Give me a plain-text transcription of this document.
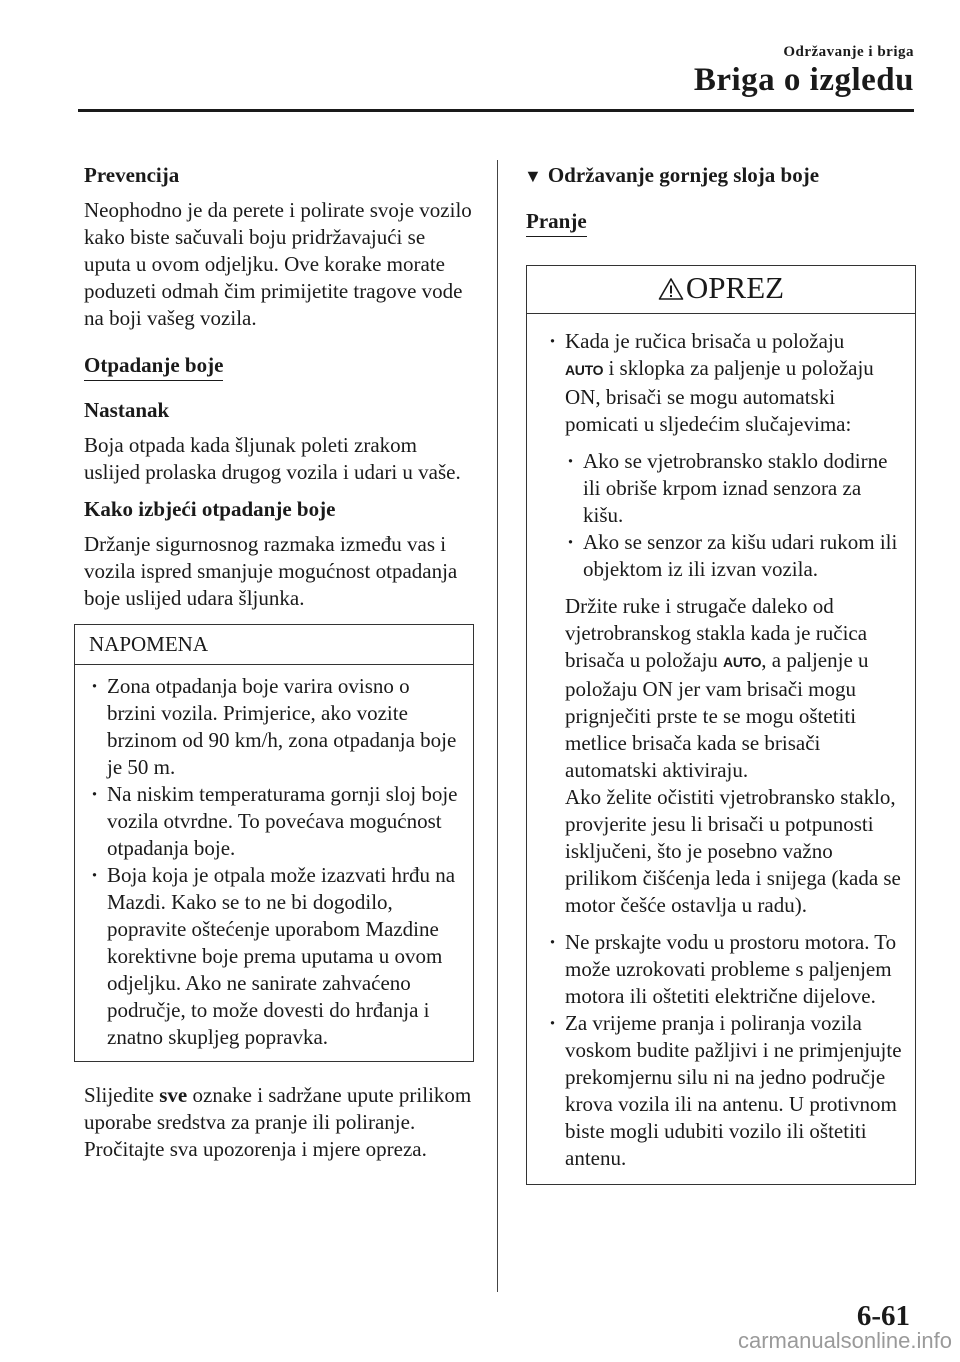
Održavanje i briga
Briga o izgledu

Prevencija

Neophodno je da perete i polirate svoje vozilo kako biste sačuvali boju pridržavajući se uputa u ovom odjeljku. Ove korake morate poduzeti odmah čim primijetite tragove vode na boji vašeg vozila.

Otpadanje boje

Nastanak

Boja otpada kada šljunak poleti zrakom uslijed prolaska drugog vozila i udari u vaše.

Kako izbjeći otpadanje boje

Držanje sigurnosnog razmaka između vas i vozila ispred smanjuje mogućnost otpadanja boje uslijed udara šljunka.

NAPOMENA
· Zona otpadanja boje varira ovisno o brzini vozila. Primjerice, ako vozite brzinom od 90 km/h, zona otpadanja boje je 50 m.
· Na niskim temperaturama gornji sloj boje vozila otvrdne. To povećava mogućnost otpadanja boje.
· Boja koja je otpala može izazvati hrđu na Mazdi. Kako se to ne bi dogodilo, popravite oštećenje uporabom Mazdine korektivne boje prema uputama u ovom odjeljku. Ako ne sanirate zahvaćeno područje, to može dovesti do hrđanja i znatno skupljeg popravka.

Slijedite sve oznake i sadržane upute prilikom uporabe sredstva za pranje ili poliranje. Pročitajte sva upozorenja i mjere opreza.

▼ Održavanje gornjeg sloja boje

Pranje
OPREZ
· Kada je ručica brisača u položaju
AUTO i sklopka za paljenje u položaju ON, brisači se mogu automatski pomicati u sljedećim slučajevima:
· Ako se vjetrobransko staklo dodirne ili obriše krpom iznad senzora za kišu.
· Ako se senzor za kišu udari rukom ili objektom iz ili izvan vozila.
Držite ruke i strugače daleko od vjetrobranskog stakla kada je ručica brisača u položaju AUTO, a paljenje u položaju ON jer vam brisači mogu prignječiti prste te se mogu oštetiti metlice brisača kada se brisači automatski aktiviraju.
Ako želite očistiti vjetrobransko staklo, provjerite jesu li brisači u potpunosti isključeni, što je posebno važno prilikom čišćenja leda i snijega (kada se motor češće ostavlja u radu).
· Ne prskajte vodu u prostoru motora. To može uzrokovati probleme s paljenjem motora ili oštetiti električne dijelove.
· Za vrijeme pranja i poliranja vozila voskom budite pažljivi i ne primjenjujte prekomjernu silu ni na jedno područje krova vozila ili na antenu. U protivnom biste mogli udubiti vozilo ili oštetiti antenu.
6-61
carmanualsonline.info
